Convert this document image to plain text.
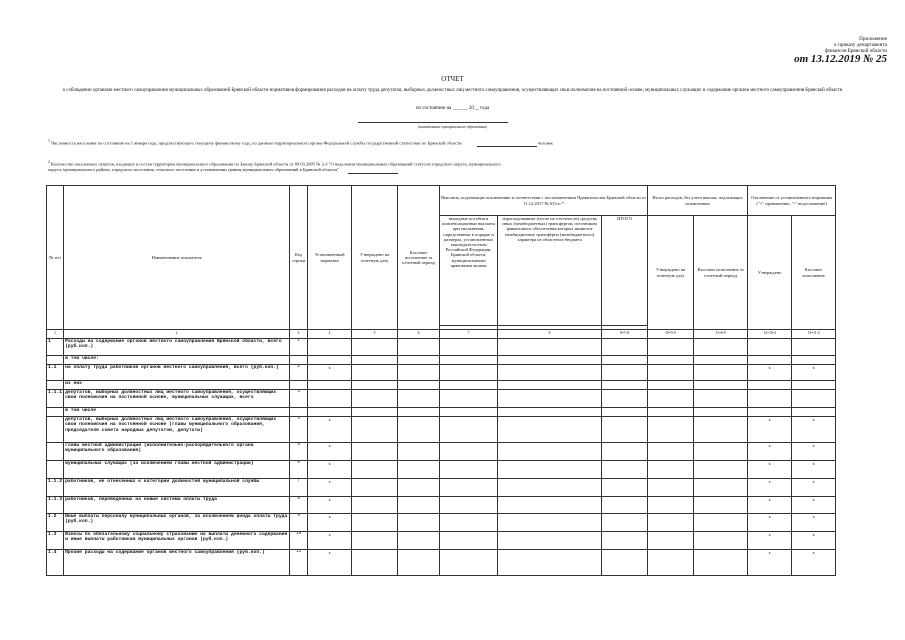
Приложение
к приказу департамента
финансов Брянской области
от 13.12.2019 № 25
ОТЧЕТ
о соблюдении органами местного самоуправления муниципальных образований Брянской области нормативов формирования расходов на оплату труда депутатов, выборных должностных лиц местного самоуправления, осуществляющих свои полномочия на постоянной основе, муниципальных служащих и содержание органов местного самоуправления Брянской области
по состоянию на ______ 20__ года
(наименование муниципального образования)
$^1$ Численность населения по состоянию на 1 января года, предшествующего текущему финансовому году, по данным территориального органа Федеральной службы государственной статистики по Брянской области	человек
$^2$ Количество населенных пунктов, входящих в состав территории муниципального образования по Закону Брянской области от 09.03.2005 № 3-З "О наделении муниципальных образований статусом городского округа, муниципального округа, муниципального района, городского поселения, сельского поселения и установлении границ муниципальных образований в Брянской области"
№ п/п	Наименование показателя	Код строки	Установленный норматив	Утверждено на отчетную дату	Кассовое исполнение за отчетный период	Выплаты, подлежащие исключению в соответствии с постановлением Правительства Брянской области от 11.12.2017 № 633-п *			Итого расходов, без учета выплат, подлежащих исключению		Отклонение от установленного норматива ("+" превышение; "-" недостижение)	
						выходные пособия и компенсационные выплаты при увольнении, определенные в порядке и размерах, установленных законодательством Российской Федерации, Брянской области, муниципальными правовыми актами	израсходованные (после их отчетности) средства иных (межбюджетных) трансфертов, источником финансового обеспечения которых являются межбюджетные трансферты (межбюджетного) характера из областного бюджета	ИТОГО	Утверждено на отчетную дату	Кассовое исполнение за отчетный период	Утверждено	Кассовое исполнение

1	2	3	4	5	6	7	8	9=7+8	10=5-9	11=6-9	12=10-4	13=11-4
1	Расходы на содержание органов местного самоуправления Брянской области, всего (руб.коп.)	1										
	в том числе:											
1.1	на оплату труда работников органов местного самоуправления, всего (руб.коп.)	2	х								х	х
	из них											
1.1.1	депутатов, выборных должностных лиц местного самоуправления, осуществляющих свои полномочия на постоянной основе, муниципальных служащих, всего	3										
	в том числе											
	депутатов, выборных должностных лиц местного самоуправления, осуществляющих свои полномочия на постоянной основе (главы муниципального образования, председателя совета народных депутатов, депутаты)	4	х								х	х
	главы местной администрации (исполнительно-распорядительного органа муниципального образования)	5	х								х	х
	муниципальных служащих (за исключением главы местной администрации)	6	х								х	х
1.1.2	работников, не отнесенных к категории должностей муниципальной службы	7	х								х	х
1.1.3	работников, переведенных на новые системы оплаты труда	8	х								х	х
1.2	Иные выплаты персоналу муниципальных органов, за исключением фонда оплаты труда (руб.коп.)	9	х								х	х
1.3	Взносы по обязательному социальному страхованию на выплаты денежного содержания и иные выплаты работникам муниципальных органов (руб.коп.)	10	х								х	х
1.4	Прочие расходы на содержание органов местного самоуправления (руб.коп.)	11	х								х	х
